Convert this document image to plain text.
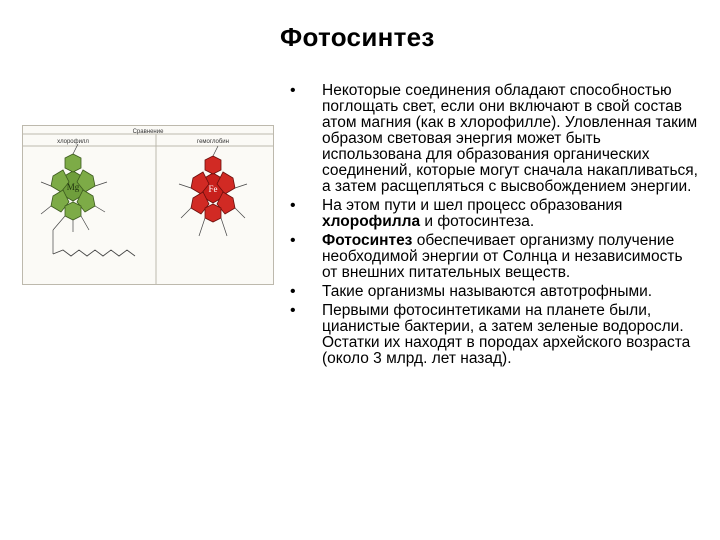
Фотосинтез
Сравнение
хлорофилл	гемоглобин
Mg	Fe
•	Некоторые соединения обладают способностью поглощать свет, если они включают в свой состав атом магния (как в хлорофилле). Уловленная таким образом световая энергия может быть использована для образования органических соединений, которые могут сначала накапливаться, а затем расщепляться с высвобождением энергии.
•	На этом пути и шел процесс образования хлорофилла и фотосинтеза.
•	Фотосинтез обеспечивает организму получение необходимой энергии от Солнца и независимость от внешних питательных веществ.
•	Такие организмы называются автотрофными.
•	Первыми фотосинтетиками на планете были, цианистые бактерии, а затем зеленые водоросли. Остатки их находят в породах архейского возраста (около 3 млрд. лет назад).
